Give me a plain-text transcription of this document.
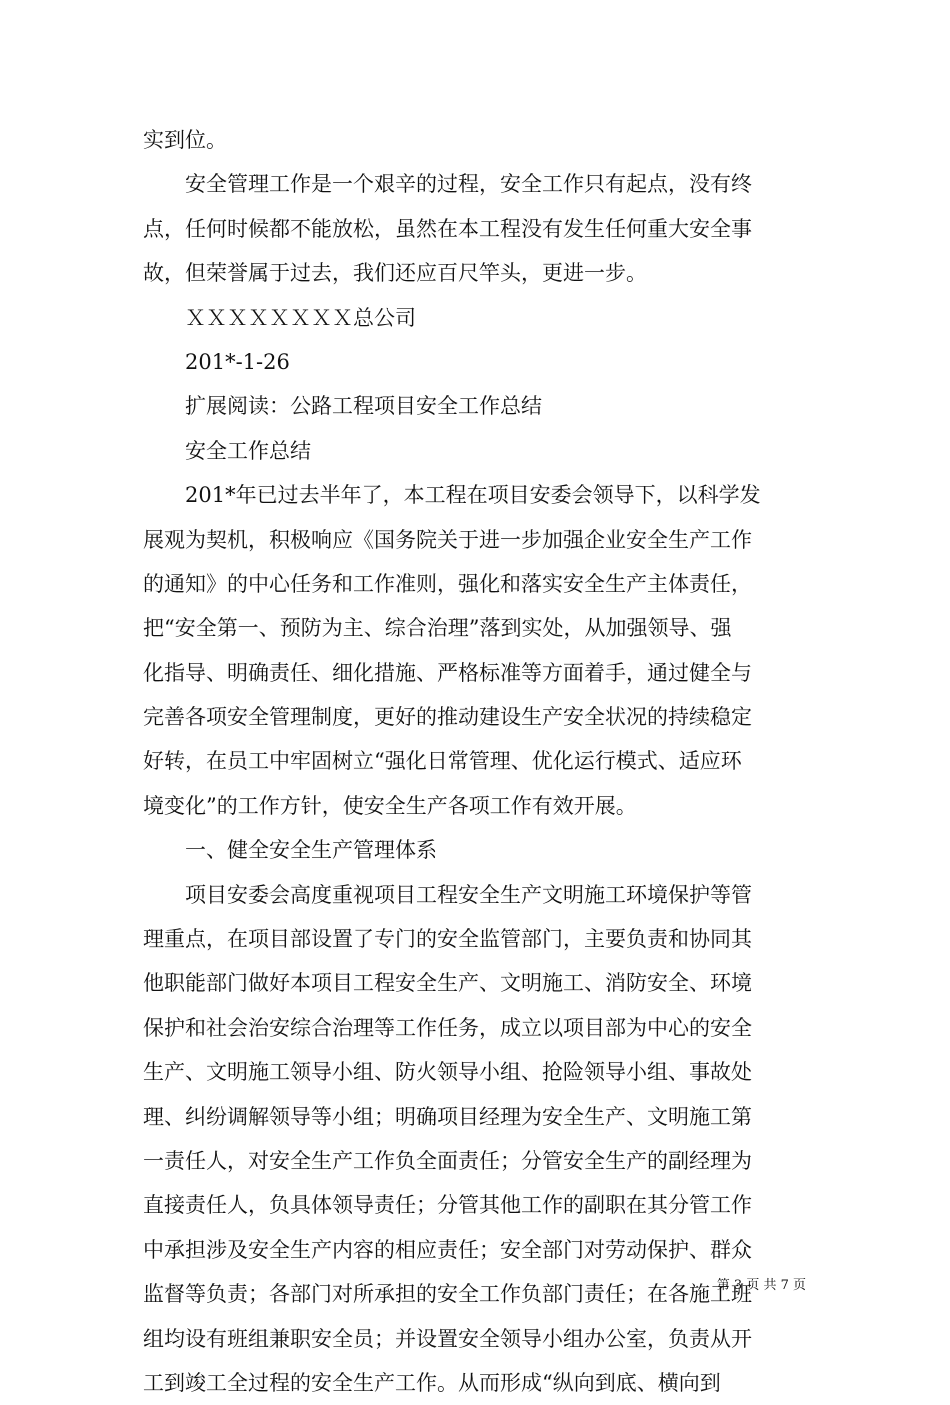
实到位。
　　安全管理工作是一个艰辛的过程，安全工作只有起点，没有终
点，任何时候都不能放松，虽然在本工程没有发生任何重大安全事
故，但荣誉属于过去，我们还应百尺竿头，更进一步。
　　ＸＸＸＸＸＸＸＸ总公司
　　201*-1-26
　　扩展阅读：公路工程项目安全工作总结
　　安全工作总结
　　201*年已过去半年了，本工程在项目安委会领导下，以科学发
展观为契机，积极响应《国务院关于进一步加强企业安全生产工作
的通知》的中心任务和工作准则，强化和落实安全生产主体责任，
把“安全第一、预防为主、综合治理”落到实处，从加强领导、强
化指导、明确责任、细化措施、严格标准等方面着手，通过健全与
完善各项安全管理制度，更好的推动建设生产安全状况的持续稳定
好转，在员工中牢固树立“强化日常管理、优化运行模式、适应环
境变化”的工作方针，使安全生产各项工作有效开展。
　　一、健全安全生产管理体系
　　项目安委会高度重视项目工程安全生产文明施工环境保护等管
理重点，在项目部设置了专门的安全监管部门，主要负责和协同其
他职能部门做好本项目工程安全生产、文明施工、消防安全、环境
保护和社会治安综合治理等工作任务，成立以项目部为中心的安全
生产、文明施工领导小组、防火领导小组、抢险领导小组、事故处
理、纠纷调解领导等小组；明确项目经理为安全生产、文明施工第
一责任人，对安全生产工作负全面责任；分管安全生产的副经理为
直接责任人，负具体领导责任；分管其他工作的副职在其分管工作
中承担涉及安全生产内容的相应责任；安全部门对劳动保护、群众
监督等负责；各部门对所承担的安全工作负部门责任；在各施工班
组均设有班组兼职安全员；并设置安全领导小组办公室，负责从开
工到竣工全过程的安全生产工作。从而形成“纵向到底、横向到
第 3 页 共 7 页
